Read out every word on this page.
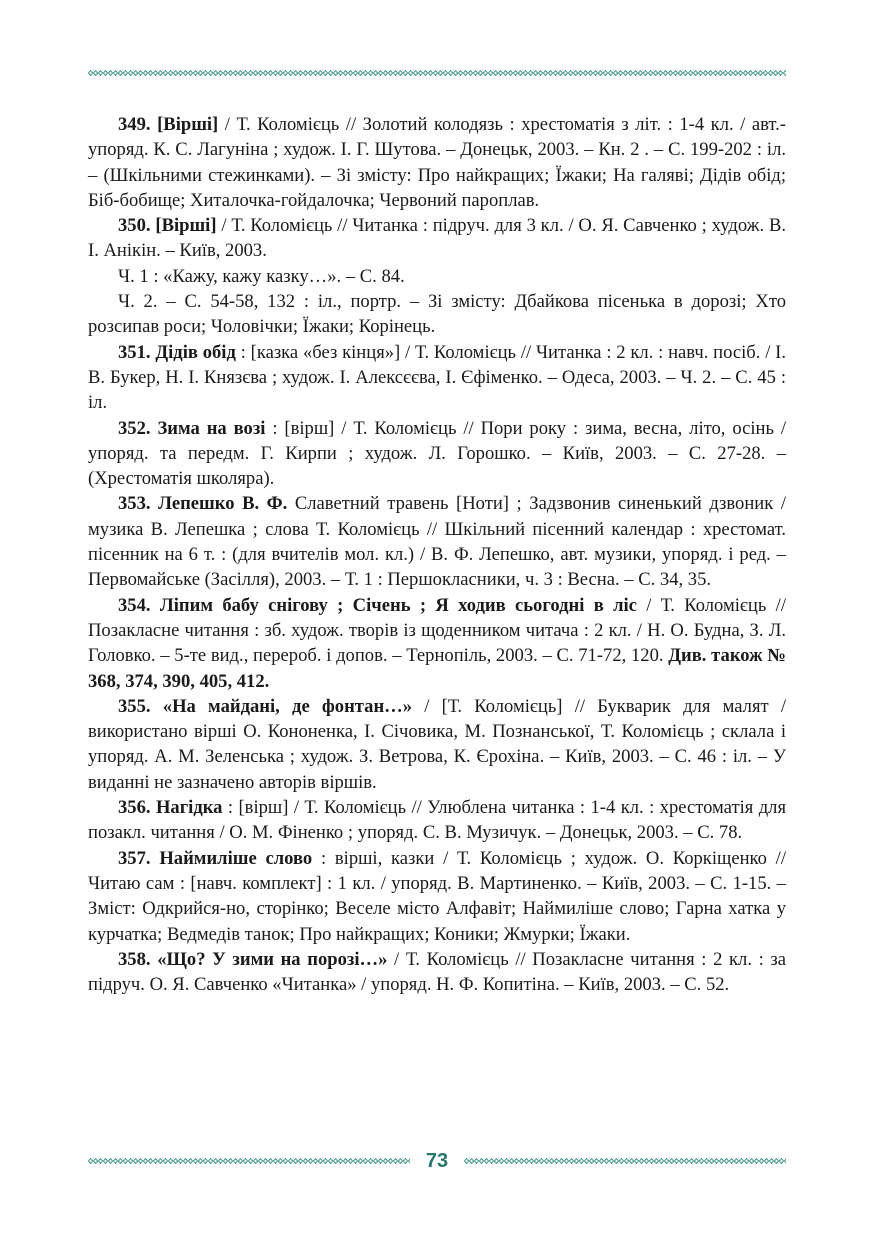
349. [Вірші] / Т. Коломієць // Золотий колодязь : хрестоматія з літ. : 1-4 кл. / авт.-упоряд. К. С. Лагуніна ; худож. І. Г. Шутова. – Донецьк, 2003. – Кн. 2 . – С. 199-202 : іл. – (Шкільними стежинками). – Зі змісту: Про найкращих; Їжаки; На галяві; Дідів обід; Біб-бобище; Хиталочка-гойдалочка; Червоний пароплав.

350. [Вірші] / Т. Коломієць // Читанка : підруч. для 3 кл. / О. Я. Савченко ; худож. В. І. Анікін. – Київ, 2003.

Ч. 1 : «Кажу, кажу казку…». – С. 84.

Ч. 2. – С. 54-58, 132 : іл., портр. – Зі змісту: Дбайкова пісенька в дорозі; Хто розсипав роси; Чоловічки; Їжаки; Корінець.

351. Дідів обід : [казка «без кінця»] / Т. Коломієць // Читанка : 2 кл. : навч. посіб. / І. В. Букер, Н. І. Князєва ; худож. І. Алексєєва, І. Єфіменко. – Одеса, 2003. – Ч. 2. – С. 45 : іл.

352. Зима на возі : [вірш] / Т. Коломієць // Пори року : зима, весна, літо, осінь / упоряд. та передм. Г. Кирпи ; худож. Л. Горошко. – Київ, 2003. – С. 27-28. – (Хрестоматія школяра).

353. Лепешко В. Ф. Славетний травень [Ноти] ; Задзвонив синенький дзвоник / музика В. Лепешка ; слова Т. Коломієць // Шкільний пісенний календар : хрестомат. пісенник на 6 т. : (для вчителів мол. кл.) / В. Ф. Лепешко, авт. музики, упоряд. і ред. – Первомайське (Засілля), 2003. – Т. 1 : Першокласники, ч. 3 : Весна. – С. 34, 35.

354. Ліпим бабу снігову ; Січень ; Я ходив сьогодні в ліс / Т. Коломієць // Позакласне читання : зб. худож. творів із щоденником читача : 2 кл. / Н. О. Будна, З. Л. Головко. – 5-те вид., перероб. і допов. – Тернопіль, 2003. – С. 71-72, 120. Див. також № 368, 374, 390, 405, 412.

355. «На майдані, де фонтан…» / [Т. Коломієць] // Букварик для малят / використано вірші О. Кононенка, І. Січовика, М. Познанської, Т. Коломієць ; склала і упоряд. А. М. Зеленська ; худож. З. Ветрова, К. Єрохіна. – Київ, 2003. – С. 46 : іл. – У виданні не зазначено авторів віршів.

356. Нагідка : [вірш] / Т. Коломієць // Улюблена читанка : 1-4 кл. : хрестоматія для позакл. читання / О. М. Фіненко ; упоряд. С. В. Музичук. – Донецьк, 2003. – С. 78.

357. Наймиліше слово : вірші, казки / Т. Коломієць ; худож. О. Коркіщенко // Читаю сам : [навч. комплект] : 1 кл. / упоряд. В. Мартиненко. – Київ, 2003. – С. 1-15. – Зміст: Одкрийся-но, сторінко; Веселе місто Алфавіт; Наймиліше слово; Гарна хатка у курчатка; Ведмедів танок; Про найкращих; Коники; Жмурки; Їжаки.

358. «Що? У зими на порозі…» / Т. Коломієць // Позакласне читання : 2 кл. : за підруч. О. Я. Савченко «Читанка» / упоряд. Н. Ф. Копитіна. – Київ, 2003. – С. 52.

73
